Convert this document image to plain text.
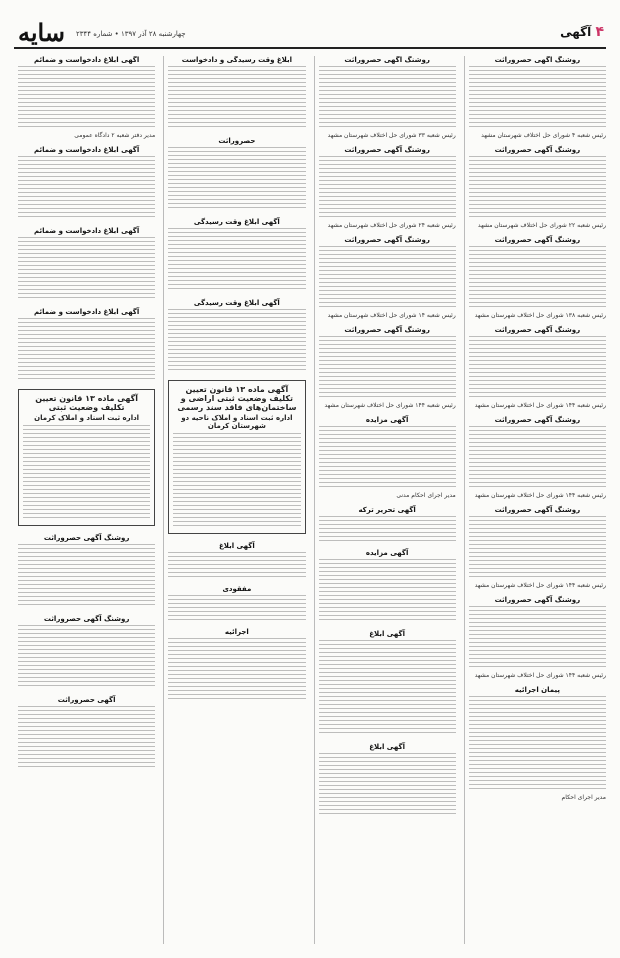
سایه چهارشنبه ۲۸ آذر ۱۳۹۷ • شماره ۲۳۴۴	۴ آگهی
روشنگ آگهی حصروراثت
رئیس شعبه ۴ شورای حل اختلاف شهرستان مشهد
روشنگ آگهی حصروراثت
رئیس شعبه ۲۲ شورای حل اختلاف شهرستان مشهد
روشنگ آگهی حصروراثت
رئیس شعبه ۱۳۸ شورای حل اختلاف شهرستان مشهد
روشنگ آگهی حصروراثت
رئیس شعبه ۱۴۴ شورای حل اختلاف شهرستان مشهد
روشنگ آگهی حصروراثت
رئیس شعبه ۱۴۴ شورای حل اختلاف شهرستان مشهد
روشنگ آگهی حصروراثت
رئیس شعبه ۱۴۴ شورای حل اختلاف شهرستان مشهد
روشنگ آگهی حصروراثت
رئیس شعبه ۱۴۴ شورای حل اختلاف شهرستان مشهد
پیمان اجرائیه
مدیر اجرای احکام
روشنگ آگهی حصروراثت
رئیس شعبه ۳۳ شورای حل اختلاف شهرستان مشهد
روشنگ آگهی حصروراثت
رئیس شعبه ۲۴ شورای حل اختلاف شهرستان مشهد
روشنگ آگهی حصروراثت
رئیس شعبه ۱۴ شورای حل اختلاف شهرستان مشهد
روشنگ آگهی حصروراثت
رئیس شعبه ۱۴۴ شورای حل اختلاف شهرستان مشهد
آگهی مزایده
مدیر اجرای احکام مدنی
آگهی تحریر ترکه
آگهی مزایده
آگهی ابلاغ
آگهی ابلاغ
ابلاغ وقت رسیدگی و دادخواست
حصروراثت
آگهی ابلاغ وقت رسیدگی
آگهی ابلاغ وقت رسیدگی
آگهی ماده ۱۳ قانون تعیین تکلیف وضعیت ثبتی اراضی و ساختمان‌های فاقد سند رسمی
اداره ثبت اسناد و املاک ناحیه دو شهرستان کرمان
آگهی ابلاغ
مفقودی
اجرائیه
آگهی ابلاغ دادخواست و ضمائم
مدیر دفتر شعبه ۲ دادگاه عمومی
آگهی ابلاغ دادخواست و ضمائم
آگهی ابلاغ دادخواست و ضمائم
آگهی ابلاغ دادخواست و ضمائم
آگهی ماده ۱۳ قانون تعیین تکلیف وضعیت ثبتی
اداره ثبت اسناد و املاک کرمان
روشنگ آگهی حصروراثت
روشنگ آگهی حصروراثت
آگهی حصروراثت
